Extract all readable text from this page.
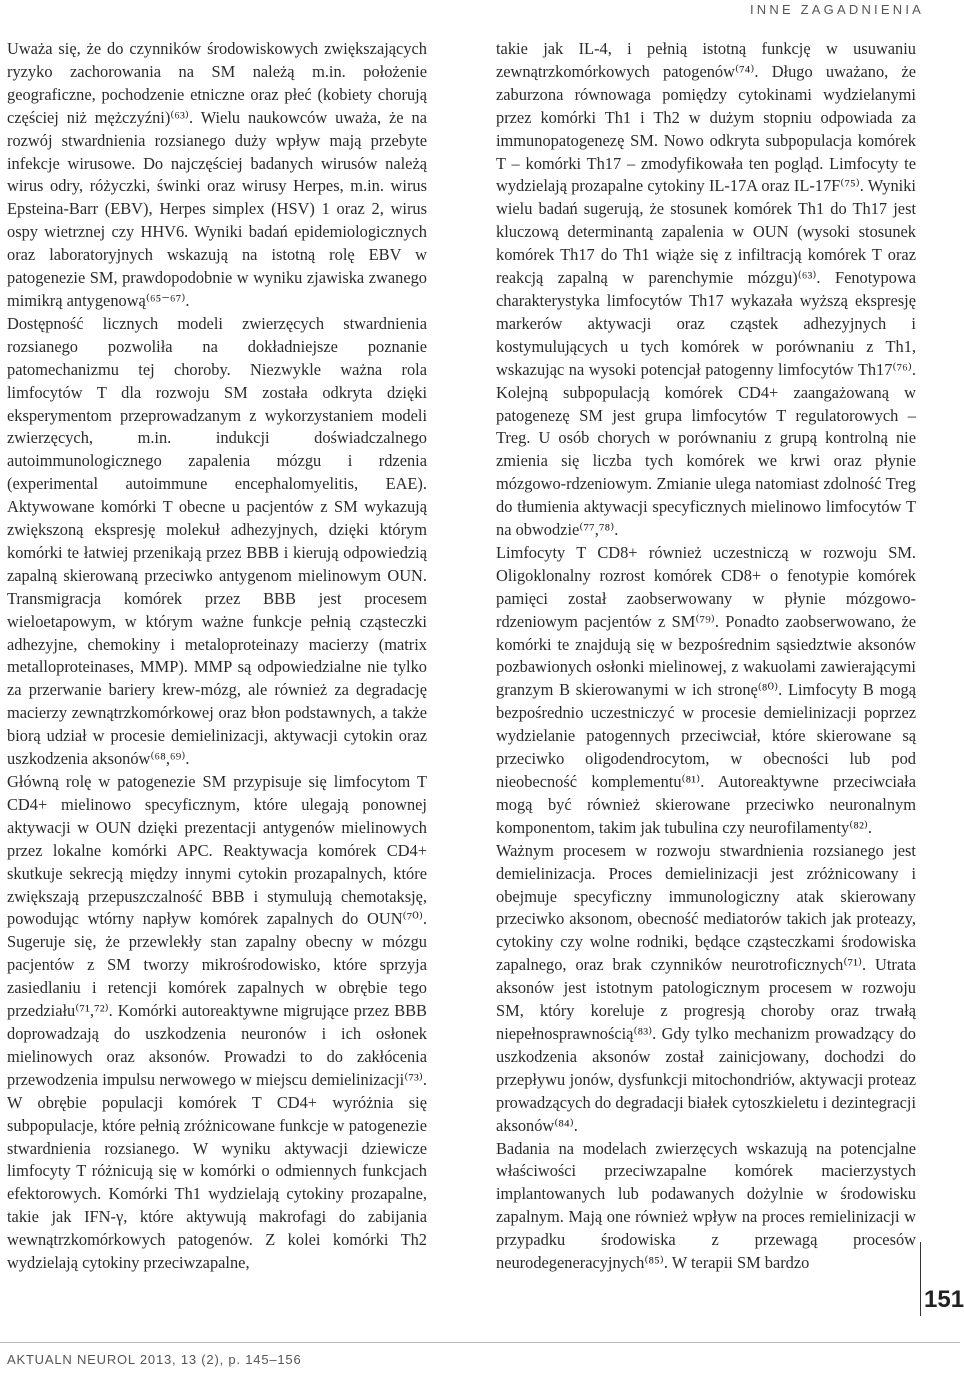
INNE ZAGADNIENIA

Uważa się, że do czynników środowiskowych zwiększających ryzyko zachorowania na SM należą m.in. położenie geograficzne, pochodzenie etniczne oraz płeć (kobiety chorują częściej niż mężczyźni)⁽⁶³⁾. Wielu naukowców uważa, że na rozwój stwardnienia rozsianego duży wpływ mają przebyte infekcje wirusowe. Do najczęściej badanych wirusów należą wirus odry, różyczki, świnki oraz wirusy Herpes, m.in. wirus Epsteina-Barr (EBV), Herpes simplex (HSV) 1 oraz 2, wirus ospy wietrznej czy HHV6. Wyniki badań epidemiologicznych oraz laboratoryjnych wskazują na istotną rolę EBV w patogenezie SM, prawdopodobnie w wyniku zjawiska zwanego mimikrą antygenową⁽⁶⁵⁻⁶⁷⁾.

Dostępność licznych modeli zwierzęcych stwardnienia rozsianego pozwoliła na dokładniejsze poznanie patomechanizmu tej choroby. Niezwykle ważna rola limfocytów T dla rozwoju SM została odkryta dzięki eksperymentom przeprowadzanym z wykorzystaniem modeli zwierzęcych, m.in. indukcji doświadczalnego autoimmunologicznego zapalenia mózgu i rdzenia (experimental autoimmune encephalomyelitis, EAE). Aktywowane komórki T obecne u pacjentów z SM wykazują zwiększoną ekspresję molekuł adhezyjnych, dzięki którym komórki te łatwiej przenikają przez BBB i kierują odpowiedzią zapalną skierowaną przeciwko antygenom mielinowym OUN. Transmigracja komórek przez BBB jest procesem wieloetapowym, w którym ważne funkcje pełnią cząsteczki adhezyjne, chemokiny i metaloproteinazy macierzy (matrix metalloproteinases, MMP). MMP są odpowiedzialne nie tylko za przerwanie bariery krew-mózg, ale również za degradację macierzy zewnątrzkomórkowej oraz błon podstawnych, a także biorą udział w procesie demielinizacji, aktywacji cytokin oraz uszkodzenia aksonów⁽⁶⁸,⁶⁹⁾.

Główną rolę w patogenezie SM przypisuje się limfocytom T CD4+ mielinowo specyficznym, które ulegają ponownej aktywacji w OUN dzięki prezentacji antygenów mielinowych przez lokalne komórki APC. Reaktywacja komórek CD4+ skutkuje sekrecją między innymi cytokin prozapalnych, które zwiększają przepuszczalność BBB i stymulują chemotaksję, powodując wtórny napływ komórek zapalnych do OUN⁽⁷⁰⁾. Sugeruje się, że przewlekły stan zapalny obecny w mózgu pacjentów z SM tworzy mikrośrodowisko, które sprzyja zasiedlaniu i retencji komórek zapalnych w obrębie tego przedziału⁽⁷¹,⁷²⁾. Komórki autoreaktywne migrujące przez BBB doprowadzają do uszkodzenia neuronów i ich osłonek mielinowych oraz aksonów. Prowadzi to do zakłócenia przewodzenia impulsu nerwowego w miejscu demielinizacji⁽⁷³⁾. W obrębie populacji komórek T CD4+ wyróżnia się subpopulacje, które pełnią zróżnicowane funkcje w patogenezie stwardnienia rozsianego. W wyniku aktywacji dziewicze limfocyty T różnicują się w komórki o odmiennych funkcjach efektorowych. Komórki Th1 wydzielają cytokiny prozapalne, takie jak IFN-γ, które aktywują makrofagi do zabijania wewnątrzkomórkowych patogenów. Z kolei komórki Th2 wydzielają cytokiny przeciwzapalne,

takie jak IL-4, i pełnią istotną funkcję w usuwaniu zewnątrzkomórkowych patogenów⁽⁷⁴⁾. Długo uważano, że zaburzona równowaga pomiędzy cytokinami wydzielanymi przez komórki Th1 i Th2 w dużym stopniu odpowiada za immunopatogenezę SM. Nowo odkryta subpopulacja komórek T – komórki Th17 – zmodyfikowała ten pogląd. Limfocyty te wydzielają prozapalne cytokiny IL-17A oraz IL-17F⁽⁷⁵⁾. Wyniki wielu badań sugerują, że stosunek komórek Th1 do Th17 jest kluczową determinantą zapalenia w OUN (wysoki stosunek komórek Th17 do Th1 wiąże się z infiltracją komórek T oraz reakcją zapalną w parenchymie mózgu)⁽⁶³⁾. Fenotypowa charakterystyka limfocytów Th17 wykazała wyższą ekspresję markerów aktywacji oraz cząstek adhezyjnych i kostymulujących u tych komórek w porównaniu z Th1, wskazując na wysoki potencjał patogenny limfocytów Th17⁽⁷⁶⁾. Kolejną subpopulacją komórek CD4+ zaangażowaną w patogenezę SM jest grupa limfocytów T regulatorowych – Treg. U osób chorych w porównaniu z grupą kontrolną nie zmienia się liczba tych komórek we krwi oraz płynie mózgowo-rdzeniowym. Zmianie ulega natomiast zdolność Treg do tłumienia aktywacji specyficznych mielinowo limfocytów T na obwodzie⁽⁷⁷,⁷⁸⁾.

Limfocyty T CD8+ również uczestniczą w rozwoju SM. Oligoklonalny rozrost komórek CD8+ o fenotypie komórek pamięci został zaobserwowany w płynie mózgowo-rdzeniowym pacjentów z SM⁽⁷⁹⁾. Ponadto zaobserwowano, że komórki te znajdują się w bezpośrednim sąsiedztwie aksonów pozbawionych osłonki mielinowej, z wakuolami zawierającymi granzym B skierowanymi w ich stronę⁽⁸⁰⁾. Limfocyty B mogą bezpośrednio uczestniczyć w procesie demielinizacji poprzez wydzielanie patogennych przeciwciał, które skierowane są przeciwko oligodendrocytom, w obecności lub pod nieobecność komplementu⁽⁸¹⁾. Autoreaktywne przeciwciała mogą być również skierowane przeciwko neuronalnym komponentom, takim jak tubulina czy neurofilamenty⁽⁸²⁾.

Ważnym procesem w rozwoju stwardnienia rozsianego jest demielinizacja. Proces demielinizacji jest zróżnicowany i obejmuje specyficzny immunologiczny atak skierowany przeciwko aksonom, obecność mediatorów takich jak proteazy, cytokiny czy wolne rodniki, będące cząsteczkami środowiska zapalnego, oraz brak czynników neurotroficznych⁽⁷¹⁾. Utrata aksonów jest istotnym patologicznym procesem w rozwoju SM, który koreluje z progresją choroby oraz trwałą niepełnosprawnością⁽⁸³⁾. Gdy tylko mechanizm prowadzący do uszkodzenia aksonów został zainicjowany, dochodzi do przepływu jonów, dysfunkcji mitochondriów, aktywacji proteaz prowadzących do degradacji białek cytoszkieletu i dezintegracji aksonów⁽⁸⁴⁾.

Badania na modelach zwierzęcych wskazują na potencjalne właściwości przeciwzapalne komórek macierzystych implantowanych lub podawanych dożylnie w środowisku zapalnym. Mają one również wpływ na proces remielinizacji w przypadku środowiska z przewagą procesów neurodegeneracyjnych⁽⁸⁵⁾. W terapii SM bardzo

151
AKTUALN NEUROL 2013, 13 (2), p. 145–156
